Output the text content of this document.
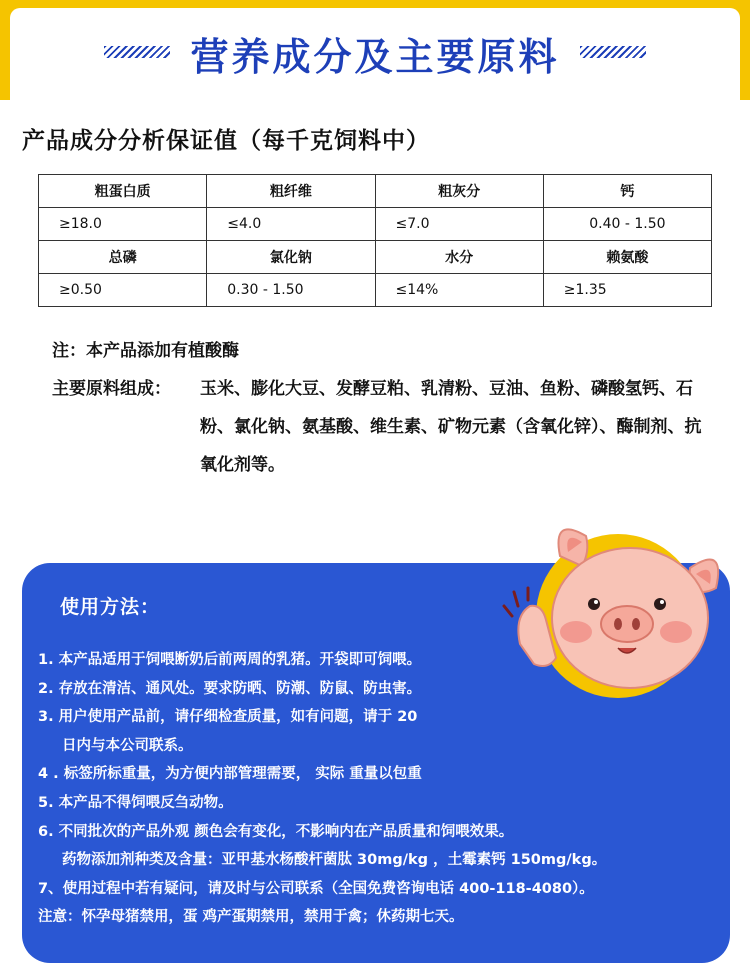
营养成分及主要原料
产品成分分析保证值（每千克饲料中）
粗蛋白质	粗纤维	粗灰分	钙
≥18.0	≤4.0	≤7.0	0.40 - 1.50
总磷	氯化钠	水分	赖氨酸
≥0.50	0.30 - 1.50	≤14%	≥1.35
注：本产品添加有植酸酶
主要原料组成： 玉米、膨化大豆、发酵豆粕、乳清粉、豆油、鱼粉、磷酸氢钙、石粉、氯化钠、氨基酸、维生素、矿物元素（含氧化锌）、酶制剂、抗氧化剂等。
使用方法：
1. 本产品适用于饲喂断奶后前两周的乳猪。开袋即可饲喂。
2. 存放在清洁、通风处。要求防晒、防潮、防鼠、防虫害。
3. 用户使用产品前，请仔细检查质量，如有问题，请于 20
日内与本公司联系。
4 . 标签所标重量，为方便内部管理需要， 实际 重量以包重
5. 本产品不得饲喂反刍动物。
6. 不同批次的产品外观 颜色会有变化，不影响内在产品质量和饲喂效果。
药物添加剂种类及含量：亚甲基水杨酸杆菌肽 30mg/kg ，土霉素钙 150mg/kg。
7、使用过程中若有疑问，请及时与公司联系（全国免费咨询电话 400-118-4080）。
注意：怀孕母猪禁用，蛋 鸡产蛋期禁用，禁用于禽；休药期七天。
